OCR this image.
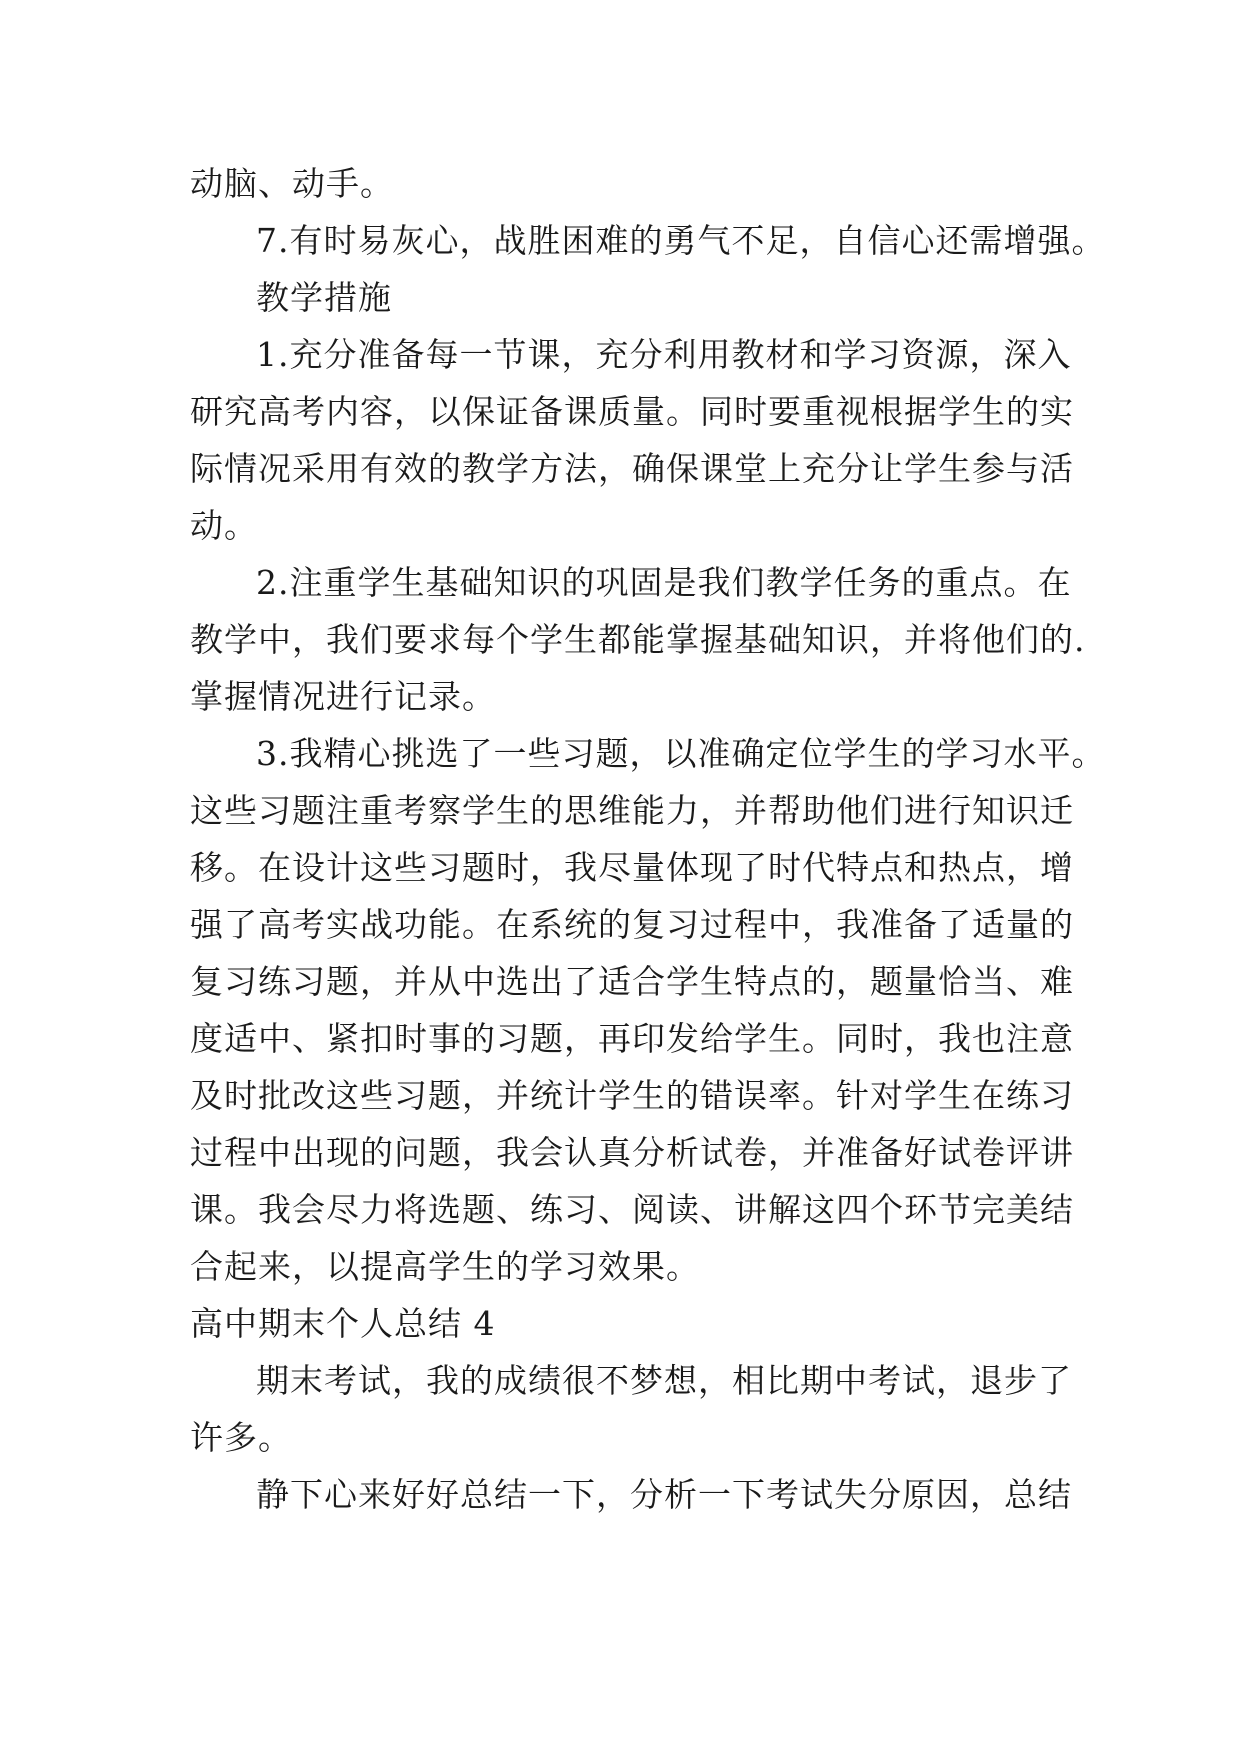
动脑、动手。
7.有时易灰心，战胜困难的勇气不足，自信心还需增强。
教学措施
1.充分准备每一节课，充分利用教材和学习资源，深入
研究高考内容，以保证备课质量。同时要重视根据学生的实
际情况采用有效的教学方法，确保课堂上充分让学生参与活
动。
2.注重学生基础知识的巩固是我们教学任务的重点。在
教学中，我们要求每个学生都能掌握基础知识，并将他们的.
掌握情况进行记录。
3.我精心挑选了一些习题，以准确定位学生的学习水平。
这些习题注重考察学生的思维能力，并帮助他们进行知识迁
移。在设计这些习题时，我尽量体现了时代特点和热点，增
强了高考实战功能。在系统的复习过程中，我准备了适量的
复习练习题，并从中选出了适合学生特点的，题量恰当、难
度适中、紧扣时事的习题，再印发给学生。同时，我也注意
及时批改这些习题，并统计学生的错误率。针对学生在练习
过程中出现的问题，我会认真分析试卷，并准备好试卷评讲
课。我会尽力将选题、练习、阅读、讲解这四个环节完美结
合起来，以提高学生的学习效果。
高中期末个人总结 4
期末考试，我的成绩很不梦想，相比期中考试，退步了
许多。
静下心来好好总结一下，分析一下考试失分原因，总结
